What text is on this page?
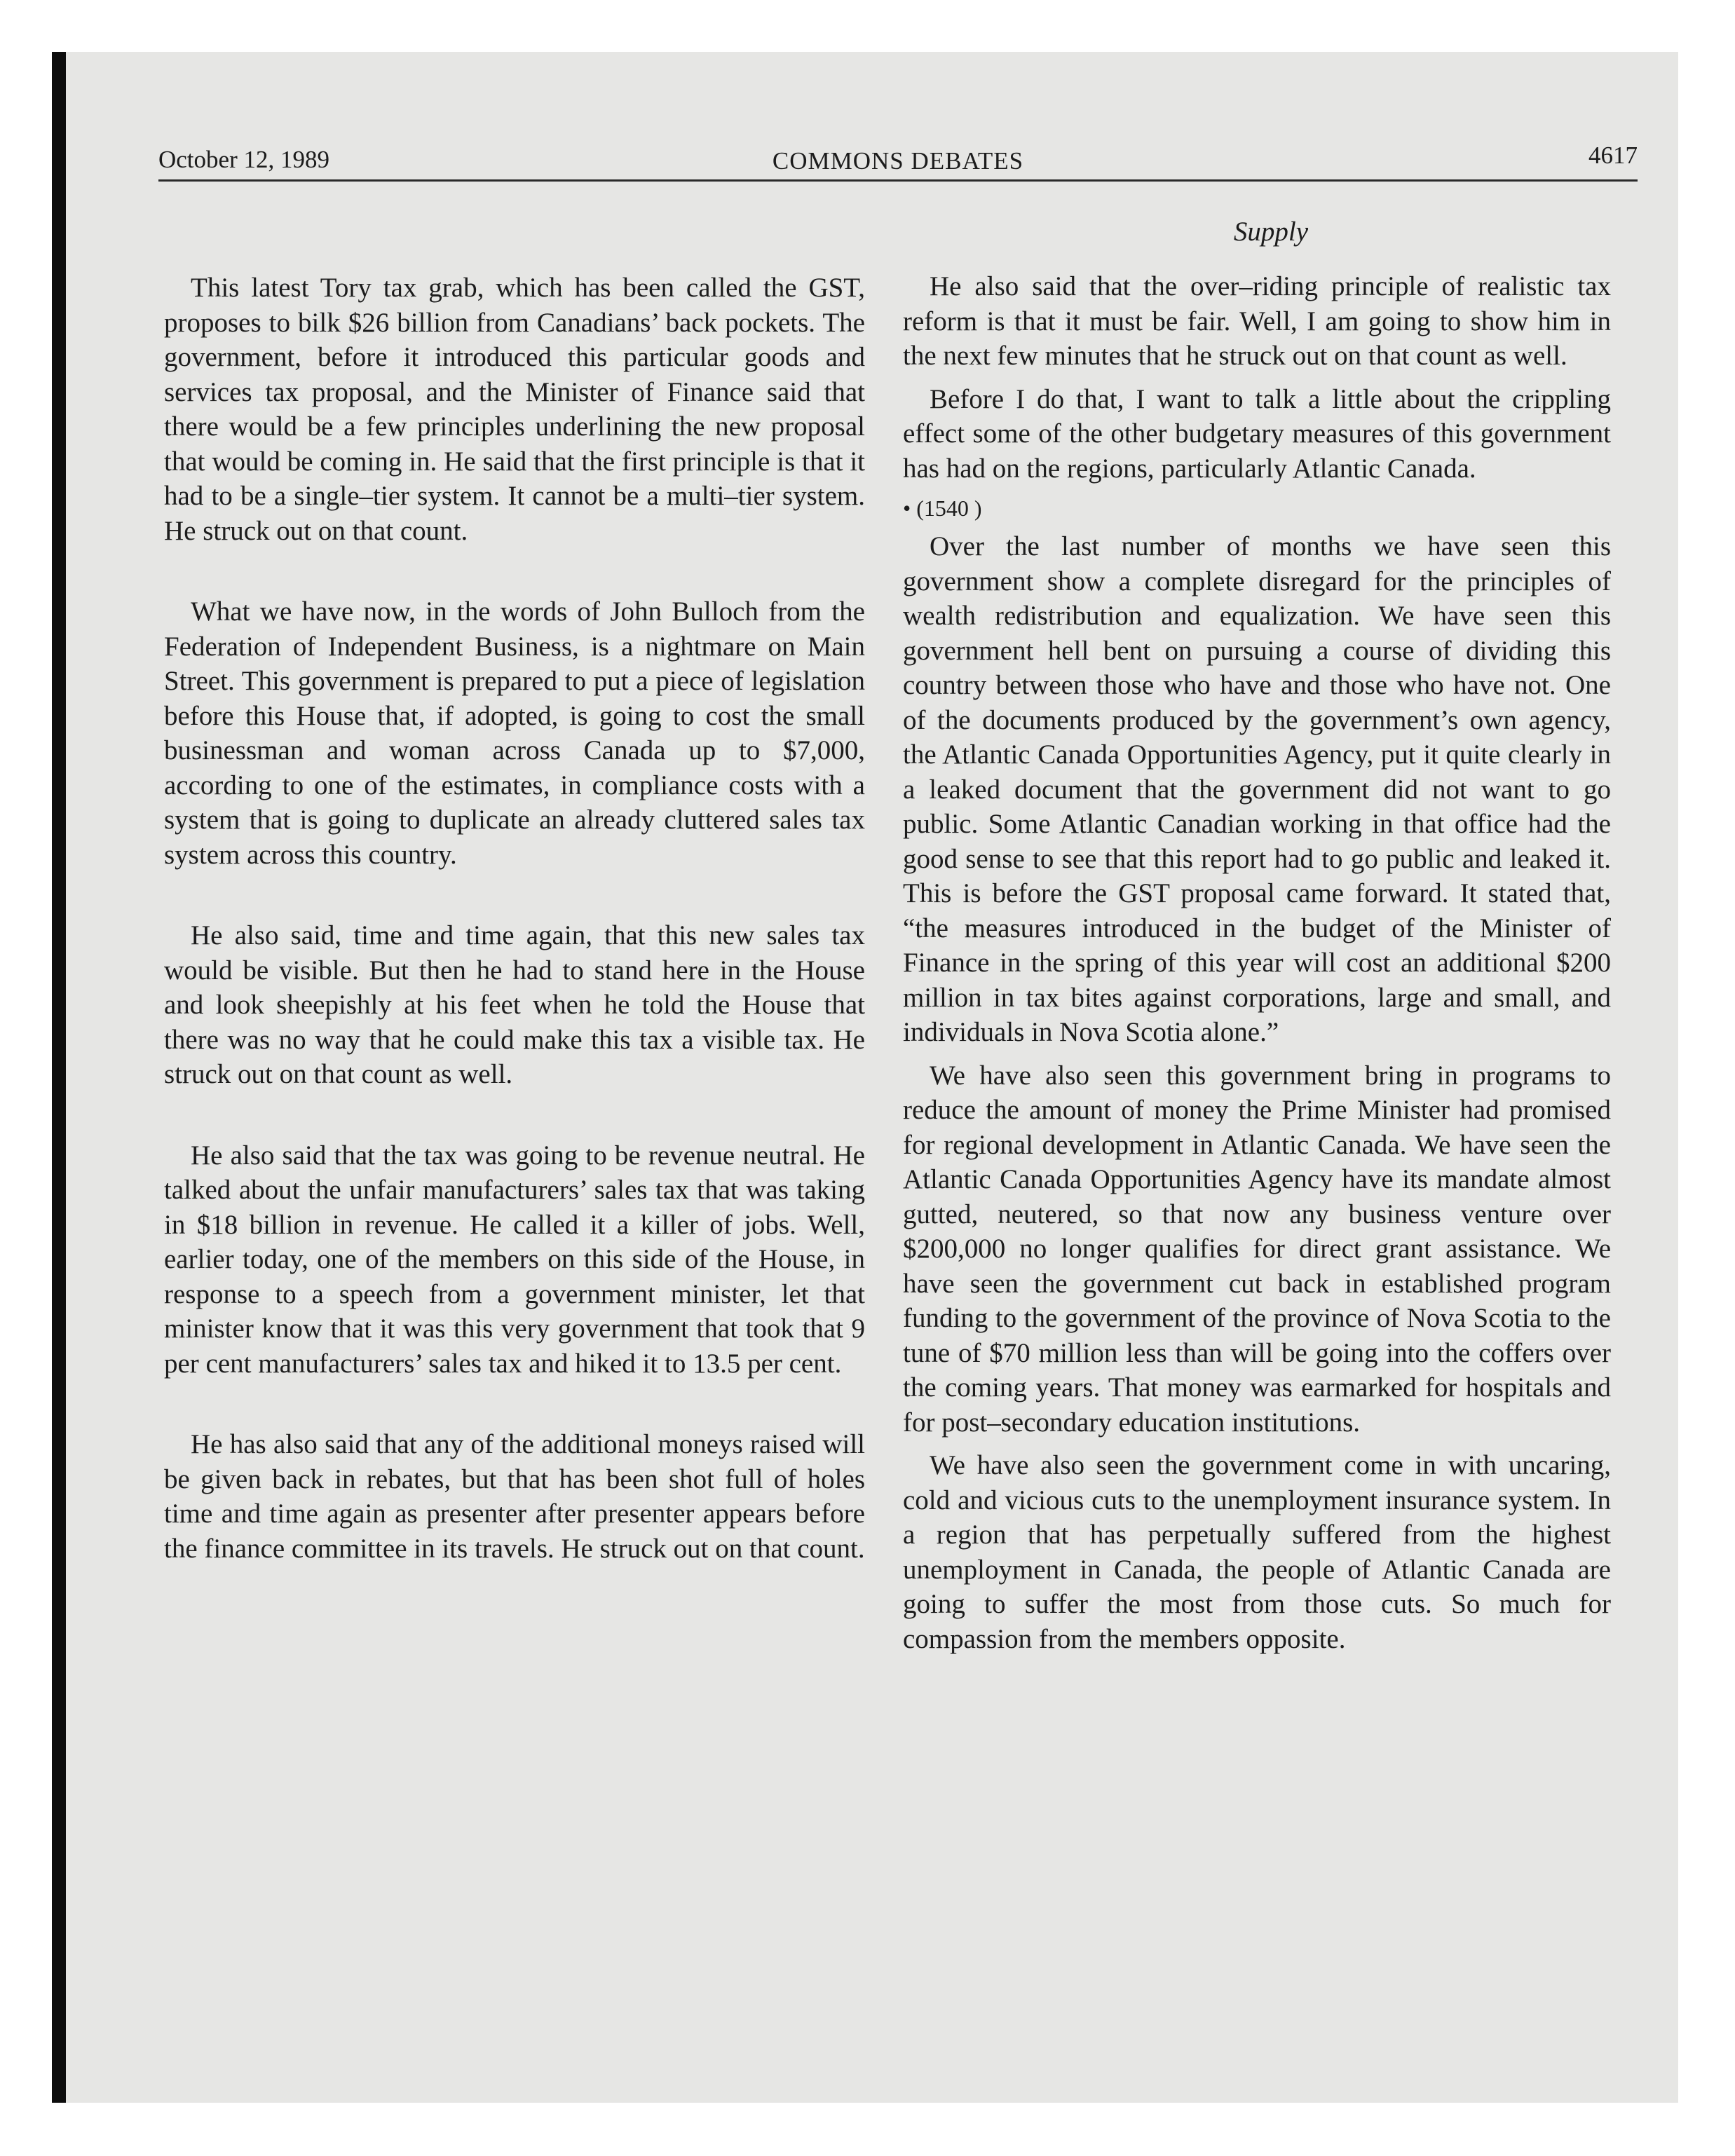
October 12, 1989	COMMONS DEBATES	4617
Supply

This latest Tory tax grab, which has been called the GST, proposes to bilk $26 billion from Canadians’ back pockets. The government, before it introduced this particular goods and services tax proposal, and the Minister of Finance said that there would be a few principles underlining the new proposal that would be coming in. He said that the first principle is that it had to be a single–tier system. It cannot be a multi–tier system. He struck out on that count.

What we have now, in the words of John Bulloch from the Federation of Independent Business, is a nightmare on Main Street. This government is prepared to put a piece of legislation before this House that, if adopted, is going to cost the small businessman and woman across Canada up to $7,000, according to one of the estimates, in compliance costs with a system that is going to duplicate an already cluttered sales tax system across this country.

He also said, time and time again, that this new sales tax would be visible. But then he had to stand here in the House and look sheepishly at his feet when he told the House that there was no way that he could make this tax a visible tax. He struck out on that count as well.

He also said that the tax was going to be revenue neutral. He talked about the unfair manufacturers’ sales tax that was taking in $18 billion in revenue. He called it a killer of jobs. Well, earlier today, one of the members on this side of the House, in response to a speech from a government minister, let that minister know that it was this very government that took that 9 per cent manufacturers’ sales tax and hiked it to 13.5 per cent.

He has also said that any of the additional moneys raised will be given back in rebates, but that has been shot full of holes time and time again as presenter after presenter appears before the finance committee in its travels. He struck out on that count.

He also said that the over–riding principle of realistic tax reform is that it must be fair. Well, I am going to show him in the next few minutes that he struck out on that count as well.

Before I do that, I want to talk a little about the crippling effect some of the other budgetary measures of this government has had on the regions, particularly Atlantic Canada.

• (1540 )

Over the last number of months we have seen this government show a complete disregard for the principles of wealth redistribution and equalization. We have seen this government hell bent on pursuing a course of dividing this country between those who have and those who have not. One of the documents produced by the government’s own agency, the Atlantic Canada Opportunities Agency, put it quite clearly in a leaked document that the government did not want to go public. Some Atlantic Canadian working in that office had the good sense to see that this report had to go public and leaked it. This is before the GST proposal came forward. It stated that, “the measures introduced in the budget of the Minister of Finance in the spring of this year will cost an additional $200 million in tax bites against corporations, large and small, and individuals in Nova Scotia alone.”

We have also seen this government bring in programs to reduce the amount of money the Prime Minister had promised for regional development in Atlantic Canada. We have seen the Atlantic Canada Opportunities Agency have its mandate almost gutted, neutered, so that now any business venture over $200,000 no longer qualifies for direct grant assistance. We have seen the government cut back in established program funding to the government of the province of Nova Scotia to the tune of $70 million less than will be going into the coffers over the coming years. That money was earmarked for hospitals and for post–secondary education institutions.

We have also seen the government come in with uncaring, cold and vicious cuts to the unemployment insurance system. In a region that has perpetually suffered from the highest unemployment in Canada, the people of Atlantic Canada are going to suffer the most from those cuts. So much for compassion from the members opposite.
